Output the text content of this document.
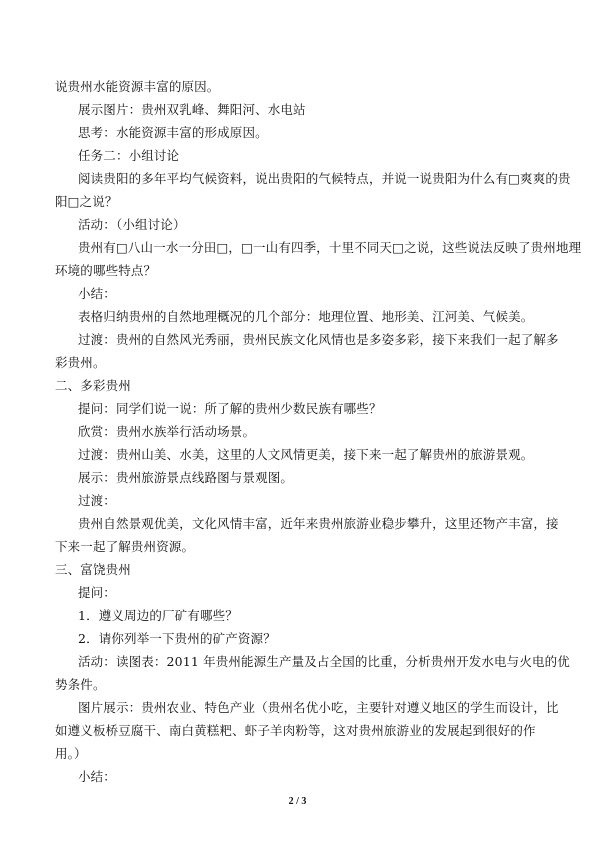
说贵州水能资源丰富的原因。
展示图片：贵州双乳峰、舞阳河、水电站
思考：水能资源丰富的形成原因。
任务二：小组讨论
阅读贵阳的多年平均气候资料，说出贵阳的气候特点，并说一说贵阳为什么有□爽爽的贵
阳□之说？
活动：（小组讨论）
贵州有□八山一水一分田□，□一山有四季，十里不同天□之说，这些说法反映了贵州地理
环境的哪些特点？
小结：
表格归纳贵州的自然地理概况的几个部分：地理位置、地形美、江河美、气候美。
过渡：贵州的自然风光秀丽，贵州民族文化风情也是多姿多彩，接下来我们一起了解多
彩贵州。
二、多彩贵州
提问：同学们说一说：所了解的贵州少数民族有哪些？
欣赏：贵州水族举行活动场景。
过渡：贵州山美、水美，这里的人文风情更美，接下来一起了解贵州的旅游景观。
展示：贵州旅游景点线路图与景观图。
过渡：
贵州自然景观优美，文化风情丰富，近年来贵州旅游业稳步攀升，这里还物产丰富，接
下来一起了解贵州资源。
三、富饶贵州
提问：
1．遵义周边的厂矿有哪些？
2．请你列举一下贵州的矿产资源？
活动：读图表：2011 年贵州能源生产量及占全国的比重，分析贵州开发水电与火电的优
势条件。
图片展示：贵州农业、特色产业（贵州名优小吃，主要针对遵义地区的学生而设计，比
如遵义板桥豆腐干、南白黄糕粑、虾子羊肉粉等，这对贵州旅游业的发展起到很好的作
用。）
小结：
2 / 3
